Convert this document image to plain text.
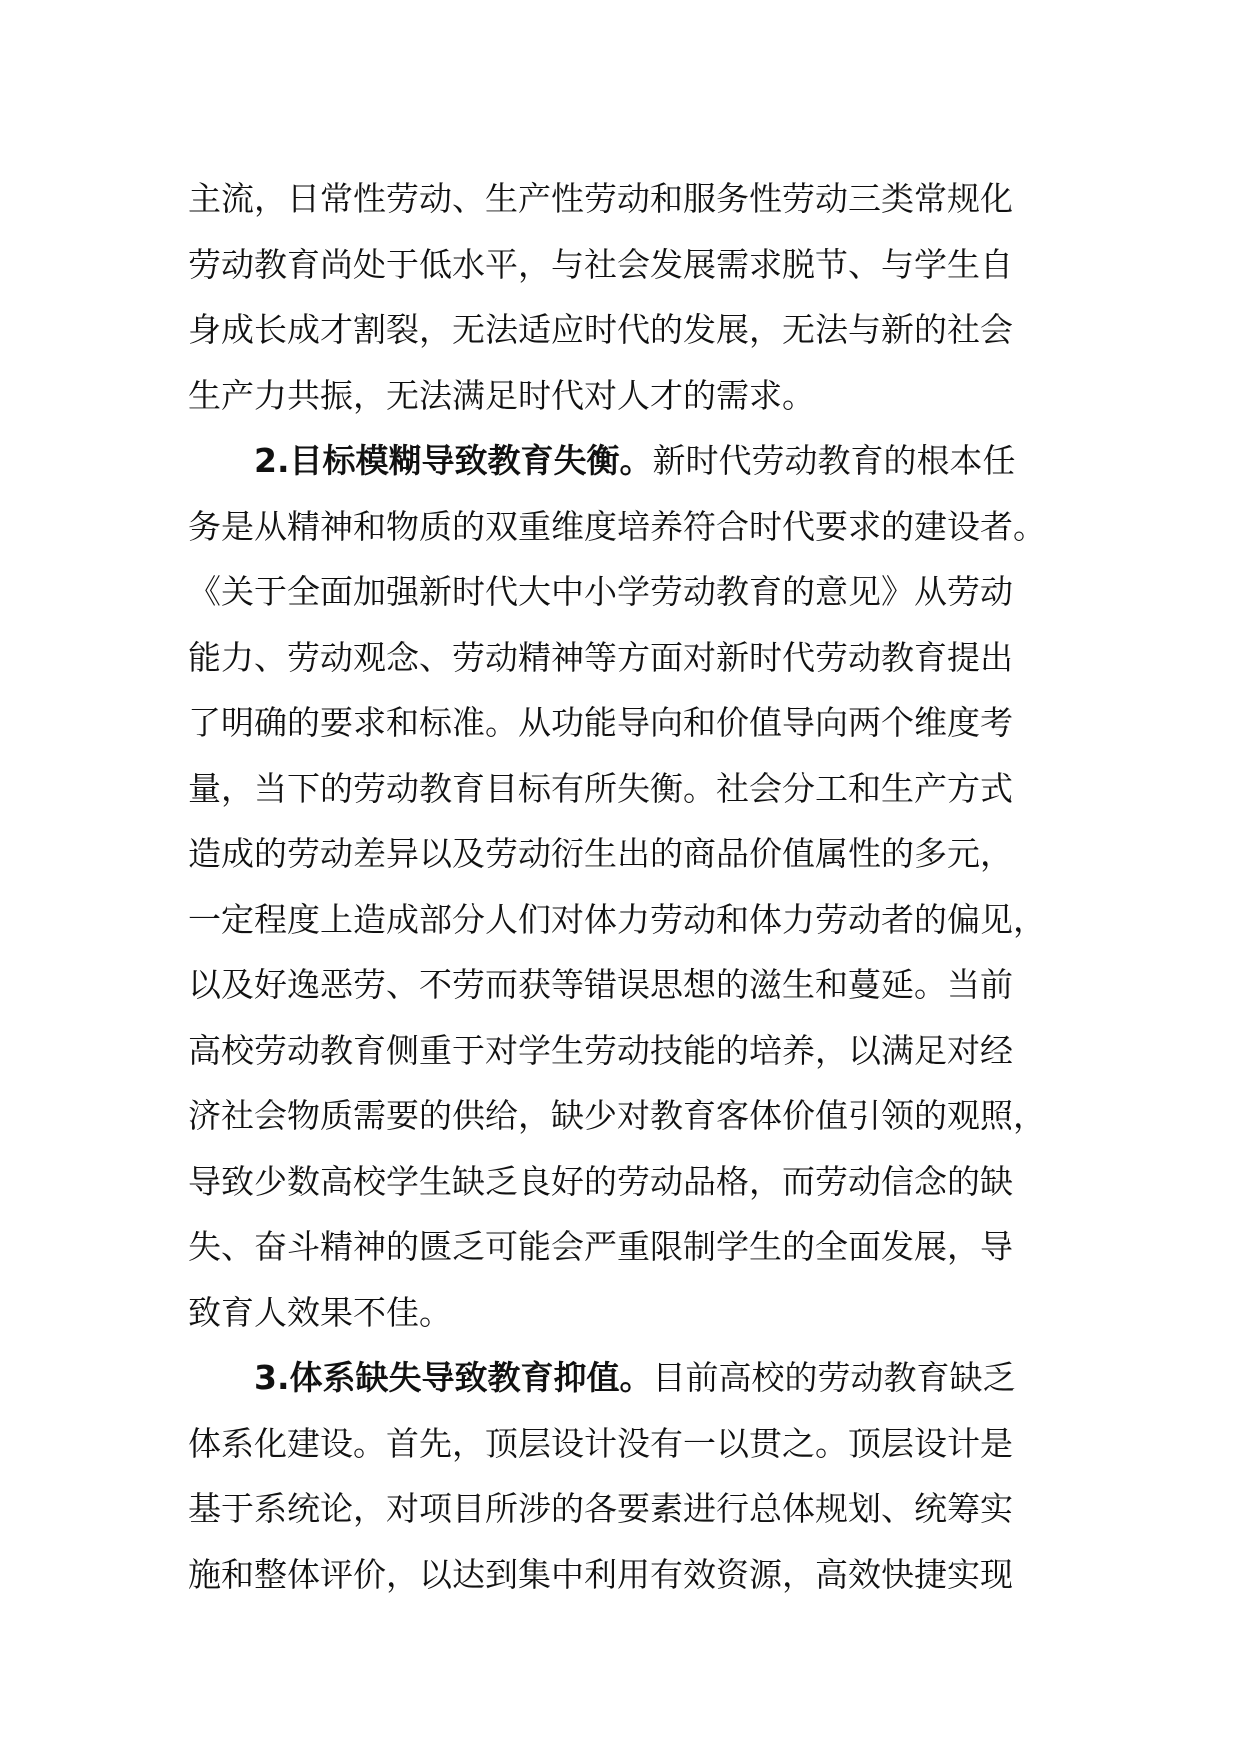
主流，日常性劳动、生产性劳动和服务性劳动三类常规化
劳动教育尚处于低水平，与社会发展需求脱节、与学生自
身成长成才割裂，无法适应时代的发展，无法与新的社会
生产力共振，无法满足时代对人才的需求。

2.目标模糊导致教育失衡。新时代劳动教育的根本任
务是从精神和物质的双重维度培养符合时代要求的建设者。
《关于全面加强新时代大中小学劳动教育的意见》从劳动
能力、劳动观念、劳动精神等方面对新时代劳动教育提出
了明确的要求和标准。从功能导向和价值导向两个维度考
量，当下的劳动教育目标有所失衡。社会分工和生产方式
造成的劳动差异以及劳动衍生出的商品价值属性的多元，
一定程度上造成部分人们对体力劳动和体力劳动者的偏见，
以及好逸恶劳、不劳而获等错误思想的滋生和蔓延。当前
高校劳动教育侧重于对学生劳动技能的培养，以满足对经
济社会物质需要的供给，缺少对教育客体价值引领的观照，
导致少数高校学生缺乏良好的劳动品格，而劳动信念的缺
失、奋斗精神的匮乏可能会严重限制学生的全面发展，导
致育人效果不佳。

3.体系缺失导致教育抑值。目前高校的劳动教育缺乏
体系化建设。首先，顶层设计没有一以贯之。顶层设计是
基于系统论，对项目所涉的各要素进行总体规划、统筹实
施和整体评价，以达到集中利用有效资源，高效快捷实现
